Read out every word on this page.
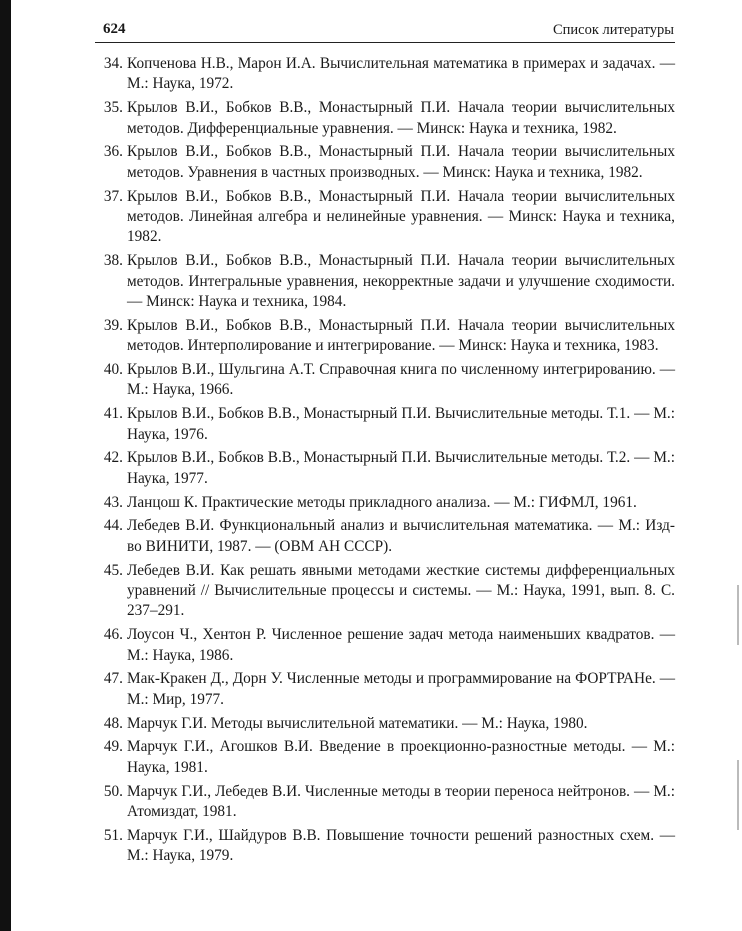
624	Список литературы
34. Копченова Н.В., Марон И.А. Вычислительная математика в примерах и задачах. — М.: Наука, 1972.
35. Крылов В.И., Бобков В.В., Монастырный П.И. Начала теории вычислительных методов. Дифференциальные уравнения. — Минск: Наука и техника, 1982.
36. Крылов В.И., Бобков В.В., Монастырный П.И. Начала теории вычислительных методов. Уравнения в частных производных. — Минск: Наука и техника, 1982.
37. Крылов В.И., Бобков В.В., Монастырный П.И. Начала теории вычислительных методов. Линейная алгебра и нелинейные уравнения. — Минск: Наука и техника, 1982.
38. Крылов В.И., Бобков В.В., Монастырный П.И. Начала теории вычислительных методов. Интегральные уравнения, некорректные задачи и улучшение сходимости. — Минск: Наука и техника, 1984.
39. Крылов В.И., Бобков В.В., Монастырный П.И. Начала теории вычислительных методов. Интерполирование и интегрирование. — Минск: Наука и техника, 1983.
40. Крылов В.И., Шульгина А.Т. Справочная книга по численному интегрированию. — М.: Наука, 1966.
41. Крылов В.И., Бобков В.В., Монастырный П.И. Вычислительные методы. Т.1. — М.: Наука, 1976.
42. Крылов В.И., Бобков В.В., Монастырный П.И. Вычислительные методы. Т.2. — М.: Наука, 1977.
43. Ланцош К. Практические методы прикладного анализа. — М.: ГИФМЛ, 1961.
44. Лебедев В.И. Функциональный анализ и вычислительная математика. — М.: Изд-во ВИНИТИ, 1987. — (ОВМ АН СССР).
45. Лебедев В.И. Как решать явными методами жесткие системы дифференциальных уравнений // Вычислительные процессы и системы. — М.: Наука, 1991, вып. 8. С. 237–291.
46. Лоусон Ч., Хентон Р. Численное решение задач метода наименьших квадратов. — М.: Наука, 1986.
47. Мак-Кракен Д., Дорн У. Численные методы и программирование на ФОРТРАНе. — М.: Мир, 1977.
48. Марчук Г.И. Методы вычислительной математики. — М.: Наука, 1980.
49. Марчук Г.И., Агошков В.И. Введение в проекционно-разностные методы. — М.: Наука, 1981.
50. Марчук Г.И., Лебедев В.И. Численные методы в теории переноса нейтронов. — М.: Атомиздат, 1981.
51. Марчук Г.И., Шайдуров В.В. Повышение точности решений разностных схем. — М.: Наука, 1979.
